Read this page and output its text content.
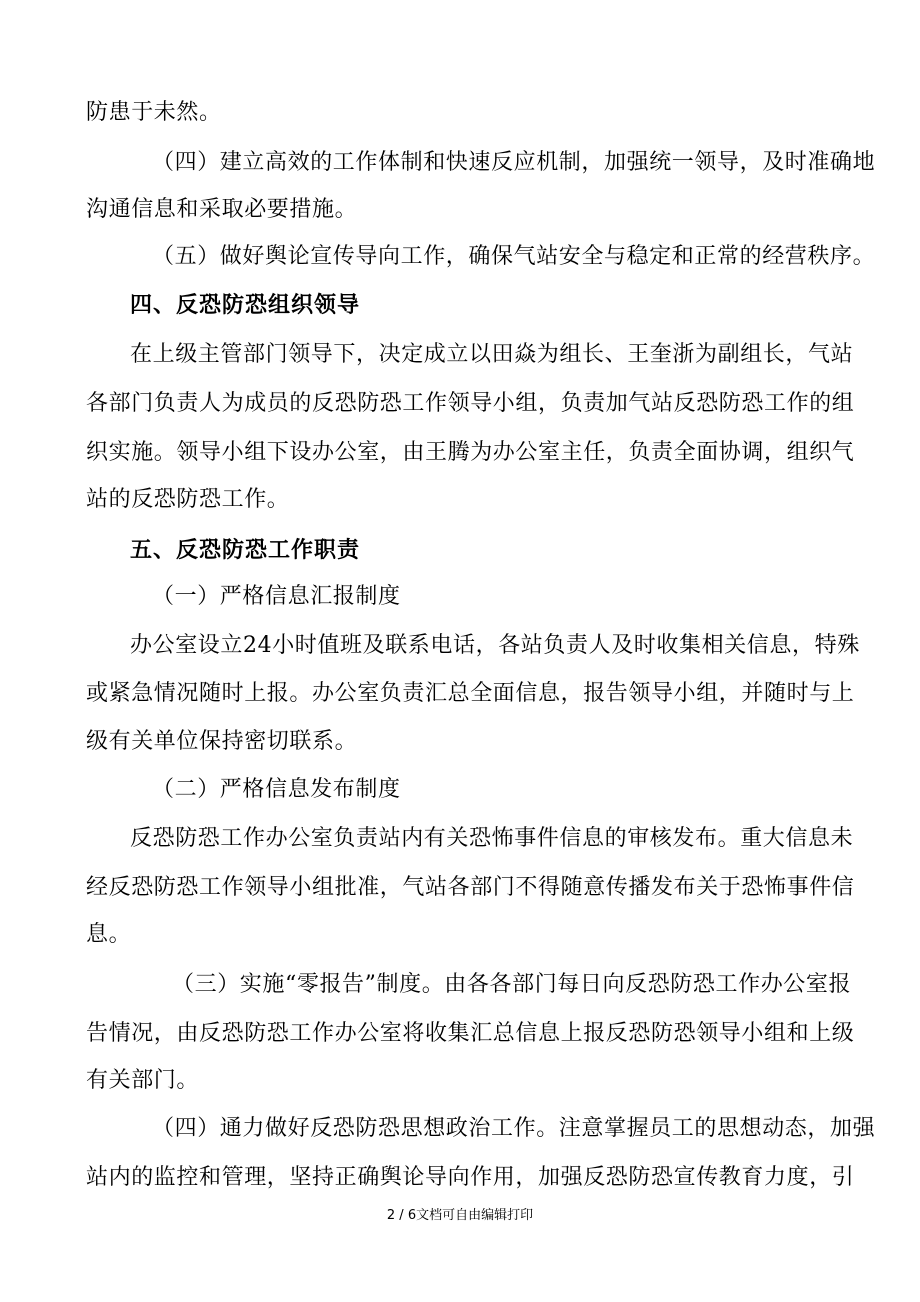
防患于未然。
（四）建立高效的工作体制和快速反应机制，加强统一领导，及时准确地
沟通信息和采取必要措施。
（五）做好舆论宣传导向工作，确保气站安全与稳定和正常的经营秩序。
四、反恐防恐组织领导
在上级主管部门领导下，决定成立以田焱为组长、王奎浙为副组长，气站
各部门负责人为成员的反恐防恐工作领导小组，负责加气站反恐防恐工作的组
织实施。领导小组下设办公室，由王腾为办公室主任，负责全面协调，组织气
站的反恐防恐工作。
五、反恐防恐工作职责
（一）严格信息汇报制度
办公室设立24小时值班及联系电话，各站负责人及时收集相关信息，特殊
或紧急情况随时上报。办公室负责汇总全面信息，报告领导小组，并随时与上
级有关单位保持密切联系。
（二）严格信息发布制度
反恐防恐工作办公室负责站内有关恐怖事件信息的审核发布。重大信息未
经反恐防恐工作领导小组批准，气站各部门不得随意传播发布关于恐怖事件信
息。
（三）实施“零报告”制度。由各各部门每日向反恐防恐工作办公室报
告情况，由反恐防恐工作办公室将收集汇总信息上报反恐防恐领导小组和上级
有关部门。
（四）通力做好反恐防恐思想政治工作。注意掌握员工的思想动态，加强
站内的监控和管理，坚持正确舆论导向作用，加强反恐防恐宣传教育力度，引
2 / 6文档可自由编辑打印
